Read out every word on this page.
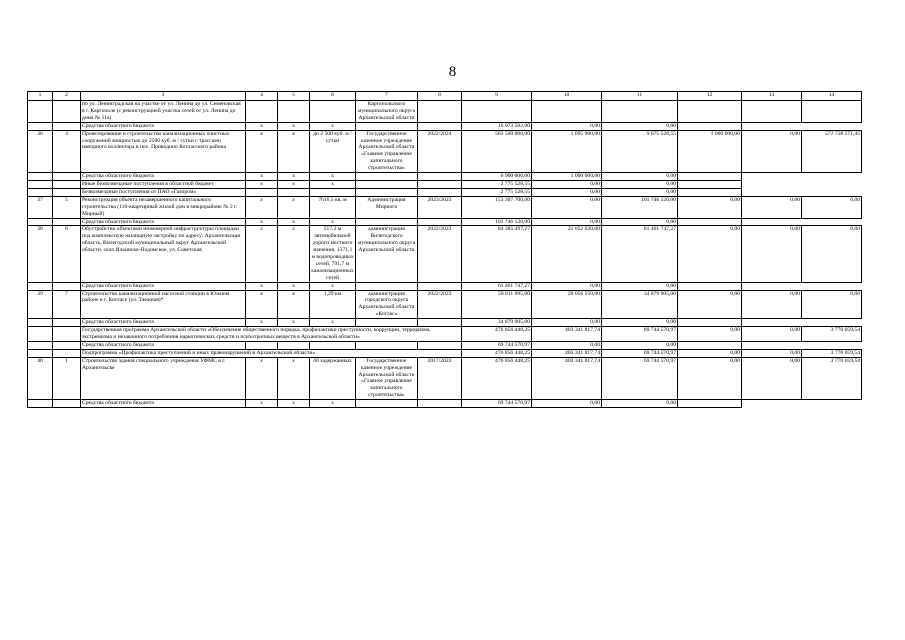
8
1	2	3	4	5	6	7	8	9	10	11	12	13	14
		по ул. Ленинградская на участке от ул. Ленина до ул. Семеновская в г. Каргополе (с реконструкцией участка сетей от ул. Ленина до дома № 11а)				Каргопольского муниципального округа Архангельской области							
		Средства областного бюджета	x	x	x			16 073 502,00	0,00	0,00			
36	4	Проектирование и строительство канализационных очистных сооружений мощностью до 2500 куб. м / сутки с трассами напорного коллектора в пос. Приводино Котласского района	x	x	до 2 500 куб. м / сутки	Государственное казенное учреждение Архангельской области «Главное управление капитального строительства»	2022/2024	583 500 000,00	1 095 900,00	9 675 528,55	1 000 000,00	0,00	571 728 571,45
		Средства областного бюджета	x	x	x			6 900 000,00	1 000 000,00	0,00			
		Иные безвозмездные поступления в областной бюджет	x	x	x			2 775 528,55	0,00	0,00			
		Безвозмездные поступления от ПАО «Газпром»						2 775 528,55	0,00	0,00			
37	5	Реконструкция объекта незавершенного капитального строительства (110-квартирный жилой дом в микрорайоне № 2 г. Мирный)	x	x	7616,5 кв. м	Администрация Мирного	2023/2023	153 307 700,00	0,00	101 746 120,00	0,00	0,00	0,00
		Средства областного бюджета	x	x	x			101 746 120,00	0,00	0,00			
38	6	Обустройство объектами инженерной инфраструктуры площадки под комплексную жилищную застройку по адресу: Архангельская область, Вилегодский муниципальный округ Архангельской области, село Ильинско-Подомское, ул. Советская	x	x	517,3 м автомобильной дороги местного значения, 1371,1 м водопроводных сетей, 791,7 м канализационных сетей	администрация Вилегодского муниципального округа Архангельской области	2022/2023	84 385 497,27	21 052 630,00	61 461 747,27	0,00	0,00	0,00
		Средства областного бюджета	x	x	x			61 461 747,27	0,00	0,00			
39	7	Строительство канализационной насосной станции в Южном районе в г. Котласе (ул. Таежная)*	x	x	1,29 км	администрация городского округа Архангельской области «Котлас»	2022/2023	58 811 995,00	20 056 550,00	34 879 905,00	0,00	0,00	0,00
		Средства областного бюджета	x	x	x			34 879 905,00	0,00	0,00			
		Государственная программа Архангельской области «Обеспечение общественного порядка, профилактики преступности, коррупции, терроризма, экстремизма и незаконного потребления наркотических средств и психотропных веществ в Архангельской области»						476 856 448,25	403 341 817,74	69 744 570,97	0,00	0,00	3 770 059,54
		Средства областного бюджета						69 744 570,97	0,00	0,00			
		Подпрограмма «Профилактика преступлений и иных правонарушений в Архангельской области»						476 856 448,25	403 341 817,74	69 744 570,97	0,00	0,00	3 770 059,54
40	1	Строительство здания специального учреждения УФМС в г. Архангельске	x	x	40 задержанных	Государственное казенное учреждение Архангельской области «Главное управление капитального строительства»	2017/2023	476 856 448,25	403 341 817,74	69 744 570,97	0,00	0,00	3 770 059,54
		Средства областного бюджета	x	x	x			69 744 570,97	0,00	0,00			
